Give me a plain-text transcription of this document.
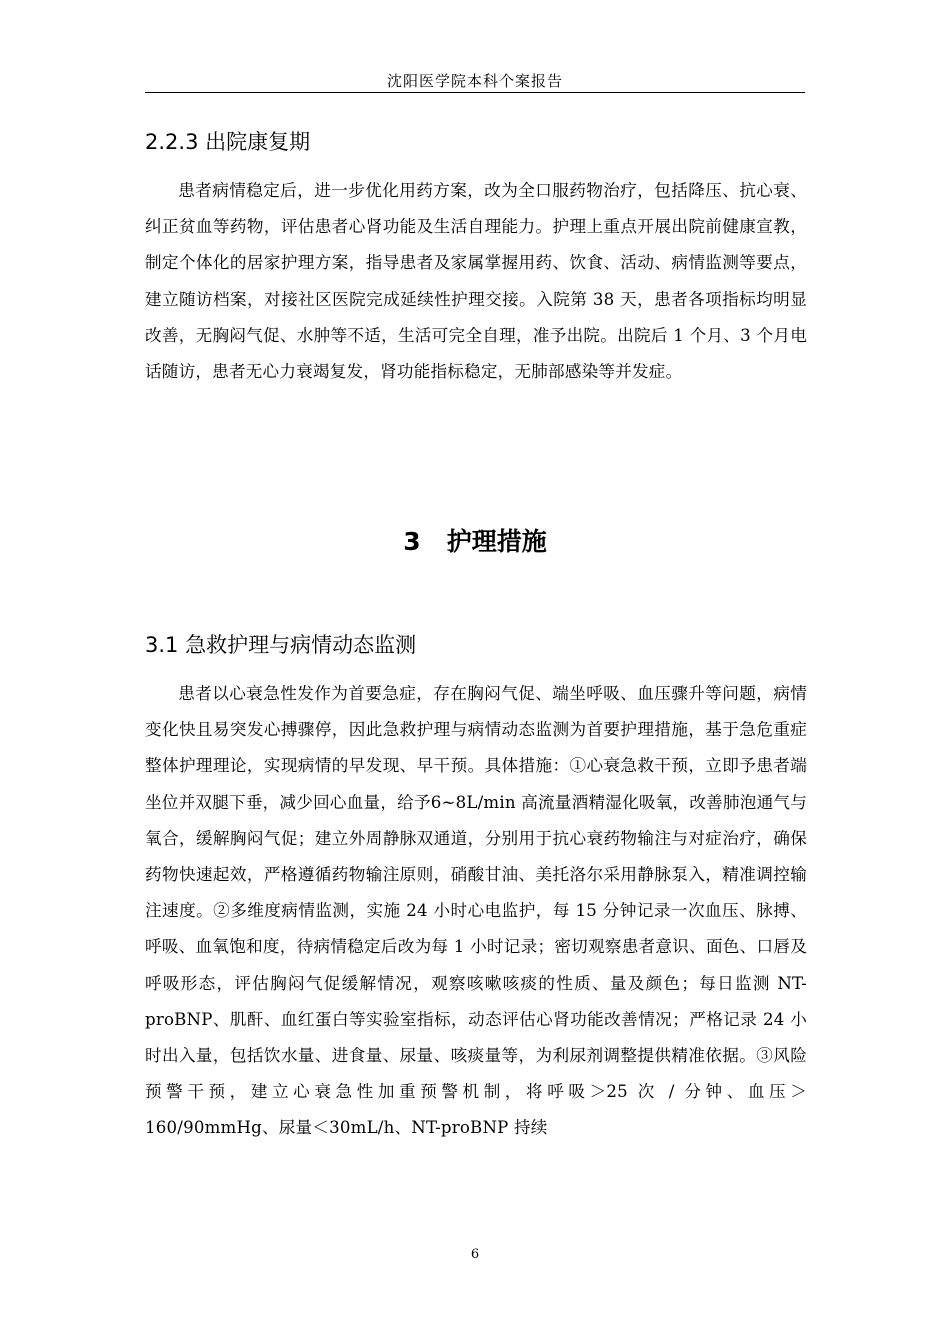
沈阳医学院本科个案报告
2.2.3 出院康复期

患者病情稳定后，进一步优化用药方案，改为全口服药物治疗，包括降压、抗心衰、纠正贫血等药物，评估患者心肾功能及生活自理能力。护理上重点开展出院前健康宣教，制定个体化的居家护理方案，指导患者及家属掌握用药、饮食、活动、病情监测等要点，建立随访档案，对接社区医院完成延续性护理交接。入院第 38 天，患者各项指标均明显改善，无胸闷气促、水肿等不适，生活可完全自理，准予出院。出院后 1 个月、3 个月电话随访，患者无心力衰竭复发，肾功能指标稳定，无肺部感染等并发症。

3 护理措施
3.1 急救护理与病情动态监测

患者以心衰急性发作为首要急症，存在胸闷气促、端坐呼吸、血压骤升等问题，病情变化快且易突发心搏骤停，因此急救护理与病情动态监测为首要护理措施，基于急危重症整体护理理论，实现病情的早发现、早干预。具体措施：①心衰急救干预，立即予患者端坐位并双腿下垂，减少回心血量，给予6~8L/min 高流量酒精湿化吸氧，改善肺泡通气与氧合，缓解胸闷气促；建立外周静脉双通道，分别用于抗心衰药物输注与对症治疗，确保药物快速起效，严格遵循药物输注原则，硝酸甘油、美托洛尔采用静脉泵入，精准调控输注速度。②多维度病情监测，实施 24 小时心电监护，每 15 分钟记录一次血压、脉搏、呼吸、血氧饱和度，待病情稳定后改为每 1 小时记录；密切观察患者意识、面色、口唇及呼吸形态，评估胸闷气促缓解情况，观察咳嗽咳痰的性质、量及颜色；每日监测 NT-proBNP、肌酐、血红蛋白等实验室指标，动态评估心肾功能改善情况；严格记录 24 小时出入量，包括饮水量、进食量、尿量、咳痰量等，为利尿剂调整提供精准依据。③风险预警干预，建立心衰急性加重预警机制，将呼吸＞25 次 / 分钟、血压＞160/90mmHg、尿量＜30mL/h、NT-proBNP 持续

6
